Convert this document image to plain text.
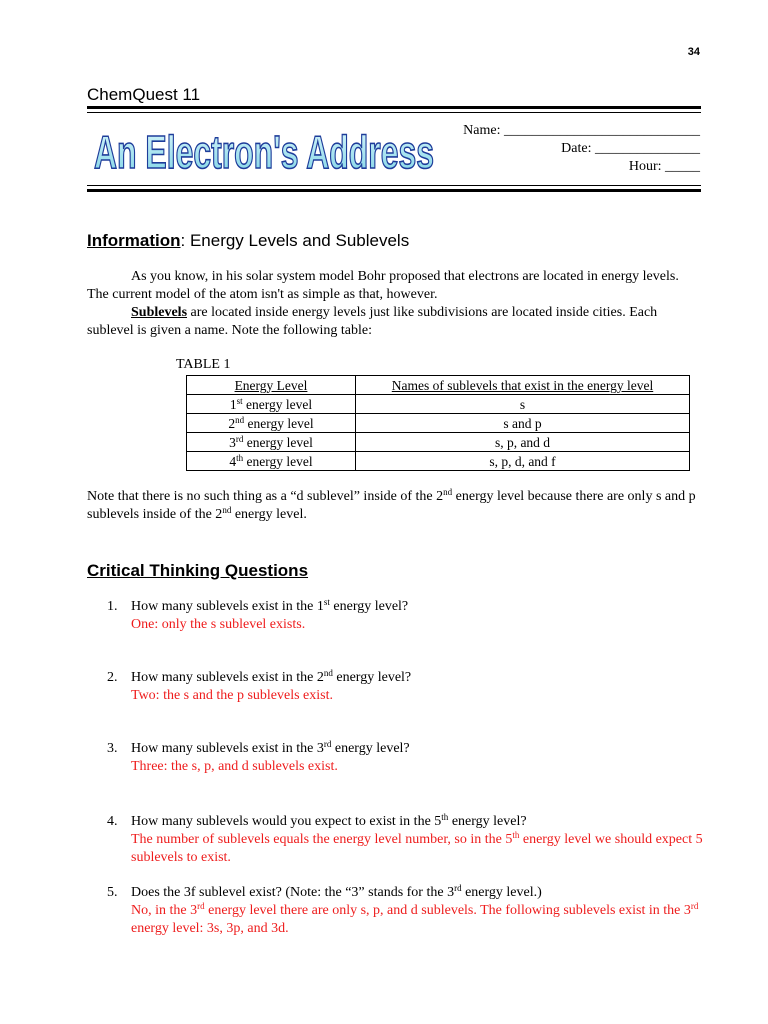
34
ChemQuest 11
An Electron's Address Name: ____________________________
Date: _______________
Hour: _____
Information: Energy Levels and Sublevels
As you know, in his solar system model Bohr proposed that electrons are located in energy levels. The current model of the atom isn't as simple as that, however.
Sublevels are located inside energy levels just like subdivisions are located inside cities. Each sublevel is given a name. Note the following table:
TABLE 1
Energy Level	Names of sublevels that exist in the energy level
1st energy level	s
2nd energy level	s and p
3rd energy level	s, p, and d
4th energy level	s, p, d, and f
Note that there is no such thing as a “d sublevel” inside of the 2nd energy level because there are only s and p sublevels inside of the 2nd energy level.
Critical Thinking Questions
1. How many sublevels exist in the 1st energy level?
One: only the s sublevel exists.
2. How many sublevels exist in the 2nd energy level?
Two: the s and the p sublevels exist.
3. How many sublevels exist in the 3rd energy level?
Three: the s, p, and d sublevels exist.
4. How many sublevels would you expect to exist in the 5th energy level?
The number of sublevels equals the energy level number, so in the 5th energy level we should expect 5 sublevels to exist.
5. Does the 3f sublevel exist? (Note: the “3” stands for the 3rd energy level.)
No, in the 3rd energy level there are only s, p, and d sublevels. The following sublevels exist in the 3rd energy level: 3s, 3p, and 3d.
